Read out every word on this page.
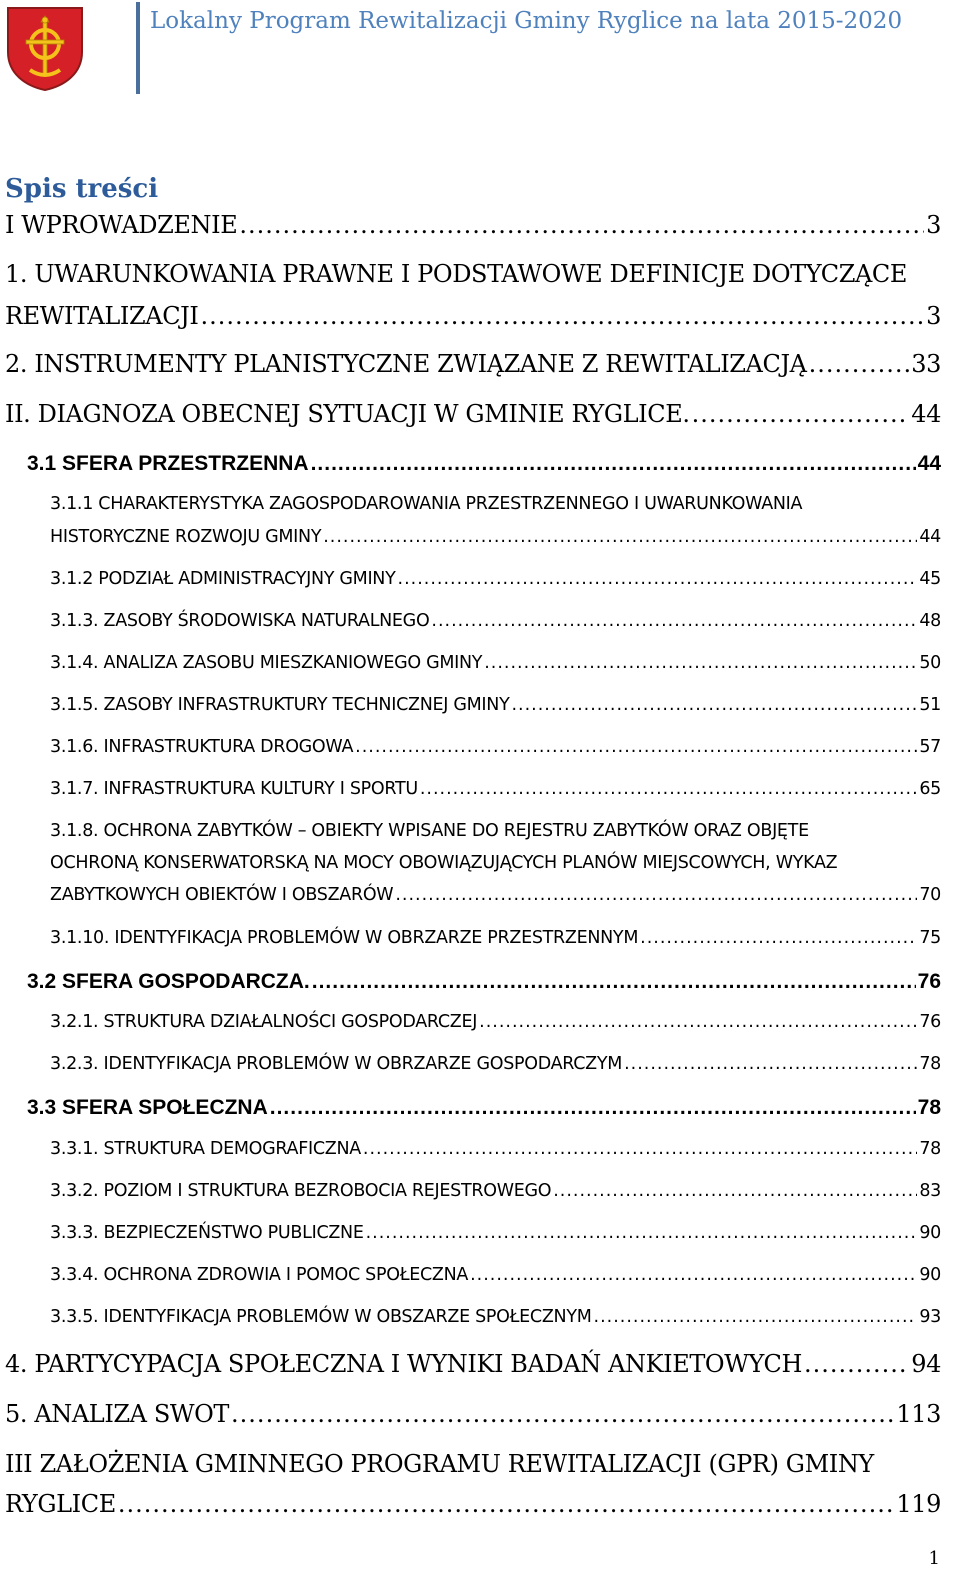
Lokalny Program Rewitalizacji Gminy Ryglice na lata 2015-2020
Spis treści
I WPROWADZENIE .....	3
1. UWARUNKOWANIA PRAWNE I PODSTAWOWE DEFINICJE DOTYCZĄCE
REWITALIZACJI .....	3
2. INSTRUMENTY PLANISTYCZNE ZWIĄZANE Z REWITALIZACJĄ .....	33
II. DIAGNOZA OBECNEJ SYTUACJI W GMINIE RYGLICE. .....	44
3.1 SFERA PRZESTRZENNA .....	44
3.1.1 CHARAKTERYSTYKA ZAGOSPODAROWANIA PRZESTRZENNEGO I UWARUNKOWANIA
HISTORYCZNE ROZWOJU GMINY .....	44
3.1.2 PODZIAŁ ADMINISTRACYJNY GMINY .....	45
3.1.3. ZASOBY ŚRODOWISKA NATURALNEGO .....	48
3.1.4. ANALIZA ZASOBU MIESZKANIOWEGO GMINY .....	50
3.1.5. ZASOBY INFRASTRUKTURY TECHNICZNEJ GMINY .....	51
3.1.6. INFRASTRUKTURA DROGOWA .....	57
3.1.7. INFRASTRUKTURA KULTURY I SPORTU .....	65
3.1.8. OCHRONA ZABYTKÓW – OBIEKTY WPISANE DO REJESTRU ZABYTKÓW ORAZ OBJĘTE
OCHRONĄ KONSERWATORSKĄ NA MOCY OBOWIĄZUJĄCYCH PLANÓW MIEJSCOWYCH, WYKAZ
ZABYTKOWYCH OBIEKTÓW I OBSZARÓW .....	70
3.1.10. IDENTYFIKACJA PROBLEMÓW W OBRZARZE PRZESTRZENNYM .....	75
3.2 SFERA GOSPODARCZA. .....	76
3.2.1. STRUKTURA DZIAŁALNOŚCI GOSPODARCZEJ .....	76
3.2.3. IDENTYFIKACJA PROBLEMÓW W OBRZARZE GOSPODARCZYM .....	78
3.3 SFERA SPOŁECZNA .....	78
3.3.1. STRUKTURA DEMOGRAFICZNA .....	78
3.3.2. POZIOM I STRUKTURA BEZROBOCIA REJESTROWEGO .....	83
3.3.3. BEZPIECZEŃSTWO PUBLICZNE .....	90
3.3.4. OCHRONA ZDROWIA I POMOC SPOŁECZNA .....	90
3.3.5. IDENTYFIKACJA PROBLEMÓW W OBSZARZE SPOŁECZNYM .....	93
4. PARTYCYPACJA SPOŁECZNA I WYNIKI BADAŃ ANKIETOWYCH .....	94
5. ANALIZA SWOT .....	113
III ZAŁOŻENIA GMINNEGO PROGRAMU REWITALIZACJI (GPR) GMINY
RYGLICE .....	119
1
